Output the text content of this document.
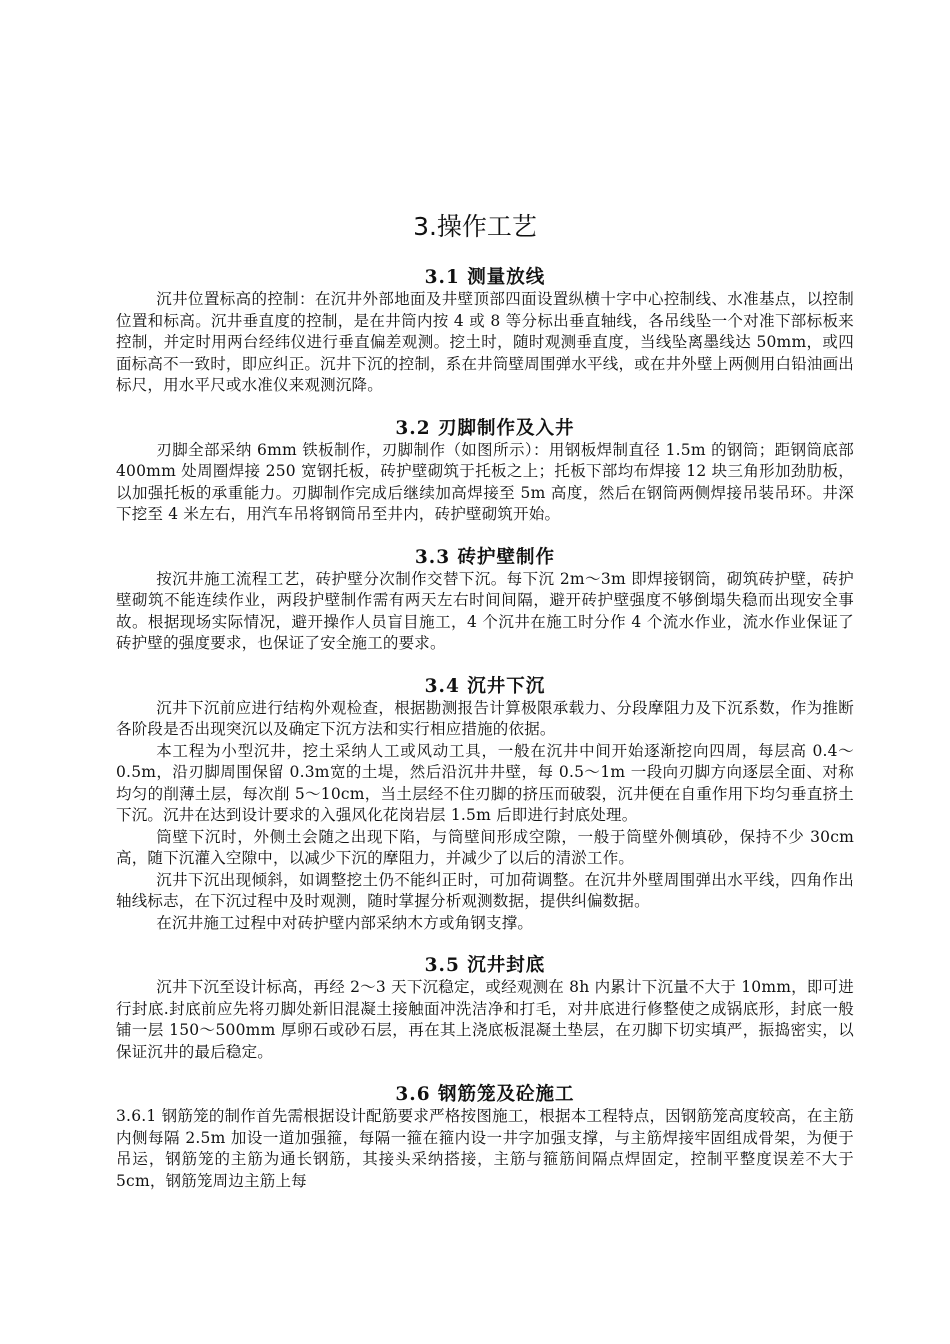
3.操作工艺
3.1 测量放线

沉井位置标高的控制：在沉井外部地面及井壁顶部四面设置纵横十字中心控制线、水准基点，以控制位置和标高。沉井垂直度的控制，是在井筒内按 4 或 8 等分标出垂直轴线，各吊线坠一个对准下部标板来控制，并定时用两台经纬仪进行垂直偏差观测。挖土时，随时观测垂直度，当线坠离墨线达 50mm，或四面标高不一致时，即应纠正。沉井下沉的控制，系在井筒壁周围弹水平线，或在井外壁上两侧用白铅油画出标尺，用水平尺或水准仪来观测沉降。

3.2 刃脚制作及入井

刃脚全部采纳 6mm 铁板制作，刃脚制作（如图所示）：用钢板焊制直径 1.5m 的钢筒；距钢筒底部 400mm 处周圈焊接 250 宽钢托板，砖护壁砌筑于托板之上；托板下部均布焊接 12 块三角形加劲肋板，以加强托板的承重能力。刃脚制作完成后继续加高焊接至 5m 高度，然后在钢筒两侧焊接吊装吊环。井深下挖至 4 米左右，用汽车吊将钢筒吊至井内，砖护壁砌筑开始。

3.3 砖护壁制作

按沉井施工流程工艺，砖护壁分次制作交替下沉。每下沉 2m～3m 即焊接钢筒，砌筑砖护壁，砖护壁砌筑不能连续作业，两段护壁制作需有两天左右时间间隔，避开砖护壁强度不够倒塌失稳而出现安全事故。根据现场实际情况，避开操作人员盲目施工，4 个沉井在施工时分作 4 个流水作业，流水作业保证了砖护壁的强度要求，也保证了安全施工的要求。

3.4 沉井下沉

沉井下沉前应进行结构外观检查，根据勘测报告计算极限承载力、分段摩阻力及下沉系数，作为推断各阶段是否出现突沉以及确定下沉方法和实行相应措施的依据。

本工程为小型沉井，挖土采纳人工或风动工具，一般在沉井中间开始逐渐挖向四周，每层高 0.4～0.5m，沿刃脚周围保留 0.3m宽的土堤，然后沿沉井井壁，每 0.5～1m 一段向刃脚方向逐层全面、对称均匀的削薄土层，每次削 5～10cm，当土层经不住刃脚的挤压而破裂，沉井便在自重作用下均匀垂直挤土下沉。沉井在达到设计要求的入强风化花岗岩层 1.5m 后即进行封底处理。

筒壁下沉时，外侧土会随之出现下陷，与筒壁间形成空隙，一般于筒壁外侧填砂，保持不少 30cm 高，随下沉灌入空隙中，以减少下沉的摩阻力，并减少了以后的清淤工作。

沉井下沉出现倾斜，如调整挖土仍不能纠正时，可加荷调整。在沉井外壁周围弹出水平线，四角作出轴线标志，在下沉过程中及时观测，随时掌握分析观测数据，提供纠偏数据。

在沉井施工过程中对砖护壁内部采纳木方或角钢支撑。

3.5 沉井封底

沉井下沉至设计标高，再经 2～3 天下沉稳定，或经观测在 8h 内累计下沉量不大于 10mm，即可进行封底.封底前应先将刃脚处新旧混凝土接触面冲洗洁净和打毛，对井底进行修整使之成锅底形，封底一般铺一层 150～500mm 厚卵石或砂石层，再在其上浇底板混凝土垫层，在刃脚下切实填严，振捣密实，以保证沉井的最后稳定。

3.6 钢筋笼及砼施工

3.6.1 钢筋笼的制作首先需根据设计配筋要求严格按图施工，根据本工程特点，因钢筋笼高度较高，在主筋内侧每隔 2.5m 加设一道加强箍，每隔一箍在箍内设一井字加强支撑，与主筋焊接牢固组成骨架，为便于吊运，钢筋笼的主筋为通长钢筋，其接头采纳搭接，主筋与箍筋间隔点焊固定，控制平整度误差不大于 5cm，钢筋笼周边主筋上每
